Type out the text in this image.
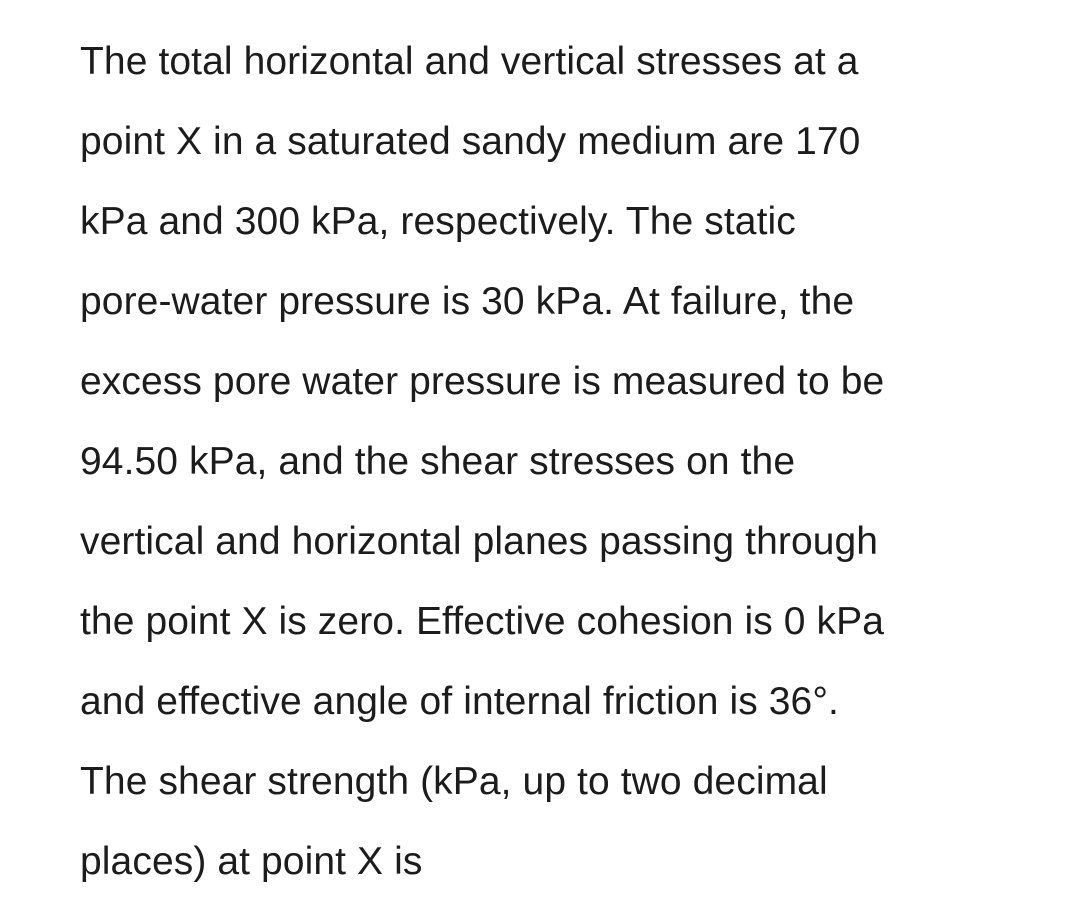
The total horizontal and vertical stresses at a
point X in a saturated sandy medium are 170
kPa and 300 kPa, respectively. The static
pore-water pressure is 30 kPa. At failure, the
excess pore water pressure is measured to be
94.50 kPa, and the shear stresses on the
vertical and horizontal planes passing through
the point X is zero. Effective cohesion is 0 kPa
and effective angle of internal friction is 36°.
The shear strength (kPa, up to two decimal
places) at point X is
